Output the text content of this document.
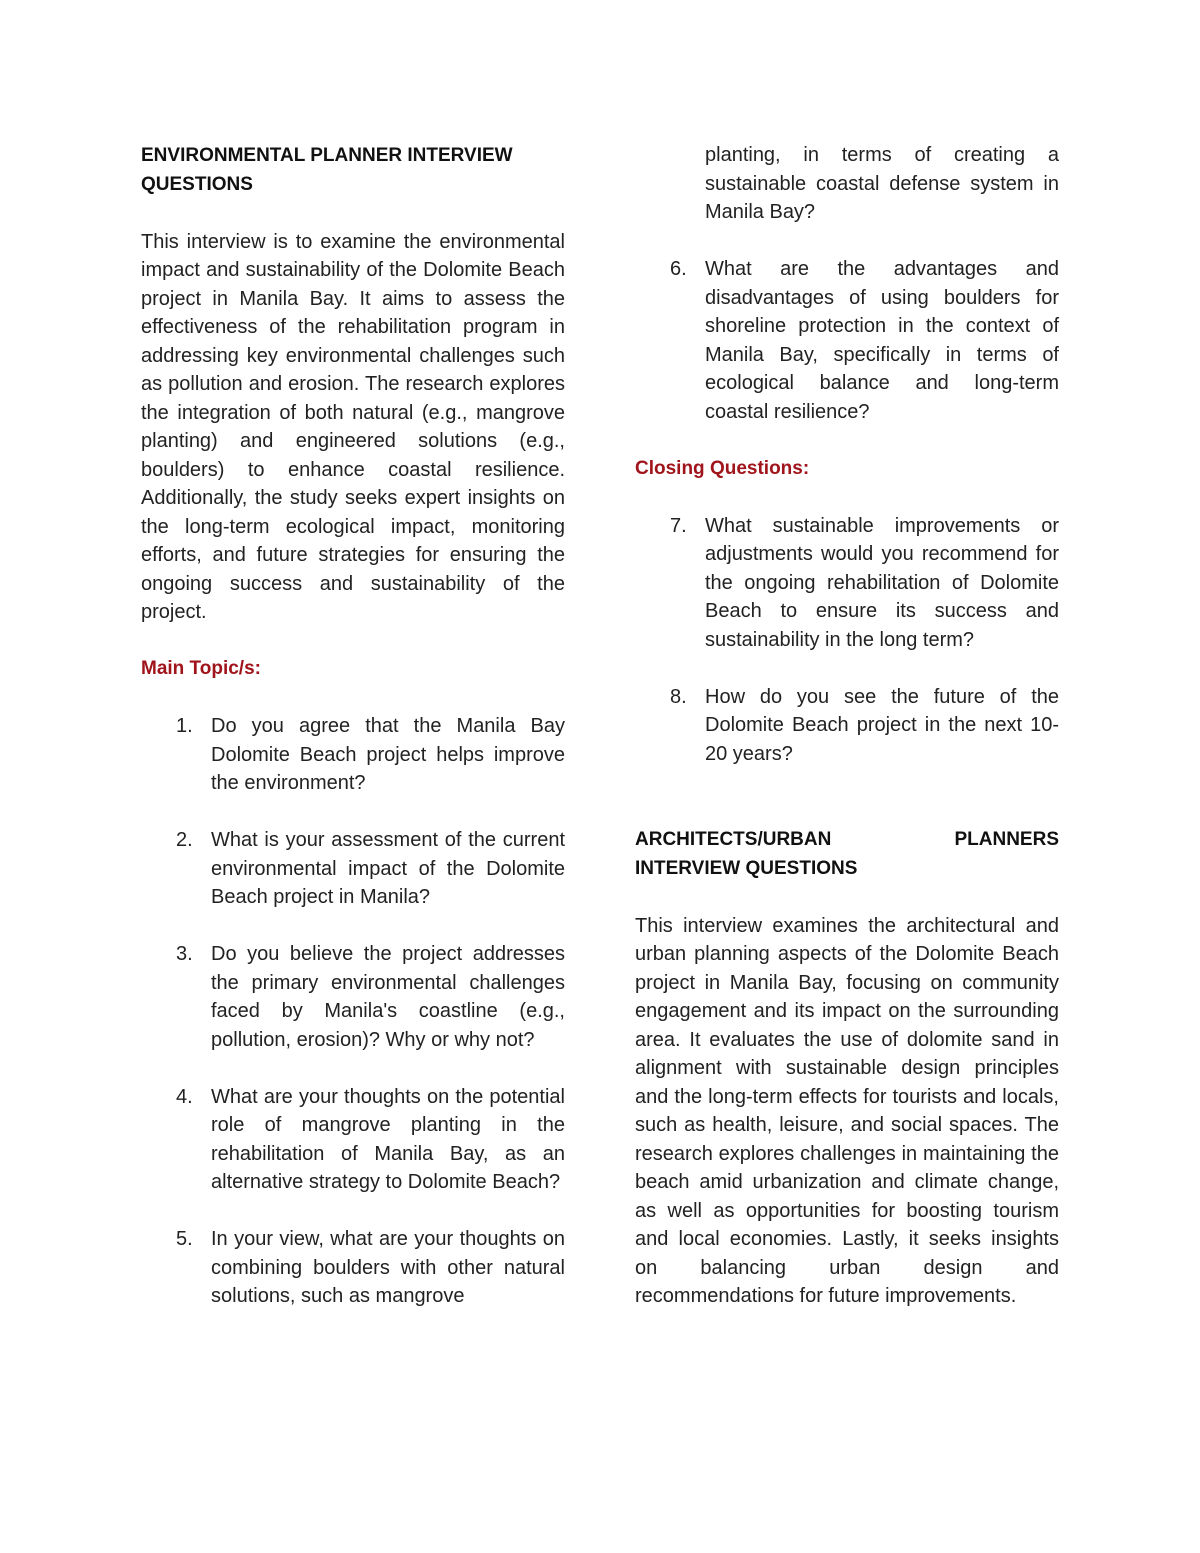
ENVIRONMENTAL PLANNER INTERVIEW QUESTIONS

This interview is to examine the environmental impact and sustainability of the Dolomite Beach project in Manila Bay. It aims to assess the effectiveness of the rehabilitation program in addressing key environmental challenges such as pollution and erosion. The research explores the integration of both natural (e.g., mangrove planting) and engineered solutions (e.g., boulders) to enhance coastal resilience. Additionally, the study seeks expert insights on the long-term ecological impact, monitoring efforts, and future strategies for ensuring the ongoing success and sustainability of the project.

Main Topic/s:
1. Do you agree that the Manila Bay Dolomite Beach project helps improve the environment?
2. What is your assessment of the current environmental impact of the Dolomite Beach project in Manila?
3. Do you believe the project addresses the primary environmental challenges faced by Manila's coastline (e.g., pollution, erosion)? Why or why not?
4. What are your thoughts on the potential role of mangrove planting in the rehabilitation of Manila Bay, as an alternative strategy to Dolomite Beach?
5. In your view, what are your thoughts on combining boulders with other natural solutions, such as mangrove
planting, in terms of creating a sustainable coastal defense system in Manila Bay?
6. What are the advantages and disadvantages of using boulders for shoreline protection in the context of Manila Bay, specifically in terms of ecological balance and long-term coastal resilience?
Closing Questions:
7. What sustainable improvements or adjustments would you recommend for the ongoing rehabilitation of Dolomite Beach to ensure its success and sustainability in the long term?
8. How do you see the future of the Dolomite Beach project in the next 10-20 years?
ARCHITECTS/URBAN	PLANNERS
INTERVIEW QUESTIONS

This interview examines the architectural and urban planning aspects of the Dolomite Beach project in Manila Bay, focusing on community engagement and its impact on the surrounding area. It evaluates the use of dolomite sand in alignment with sustainable design principles and the long-term effects for tourists and locals, such as health, leisure, and social spaces. The research explores challenges in maintaining the beach amid urbanization and climate change, as well as opportunities for boosting tourism and local economies. Lastly, it seeks insights on balancing urban design and recommendations for future improvements.
